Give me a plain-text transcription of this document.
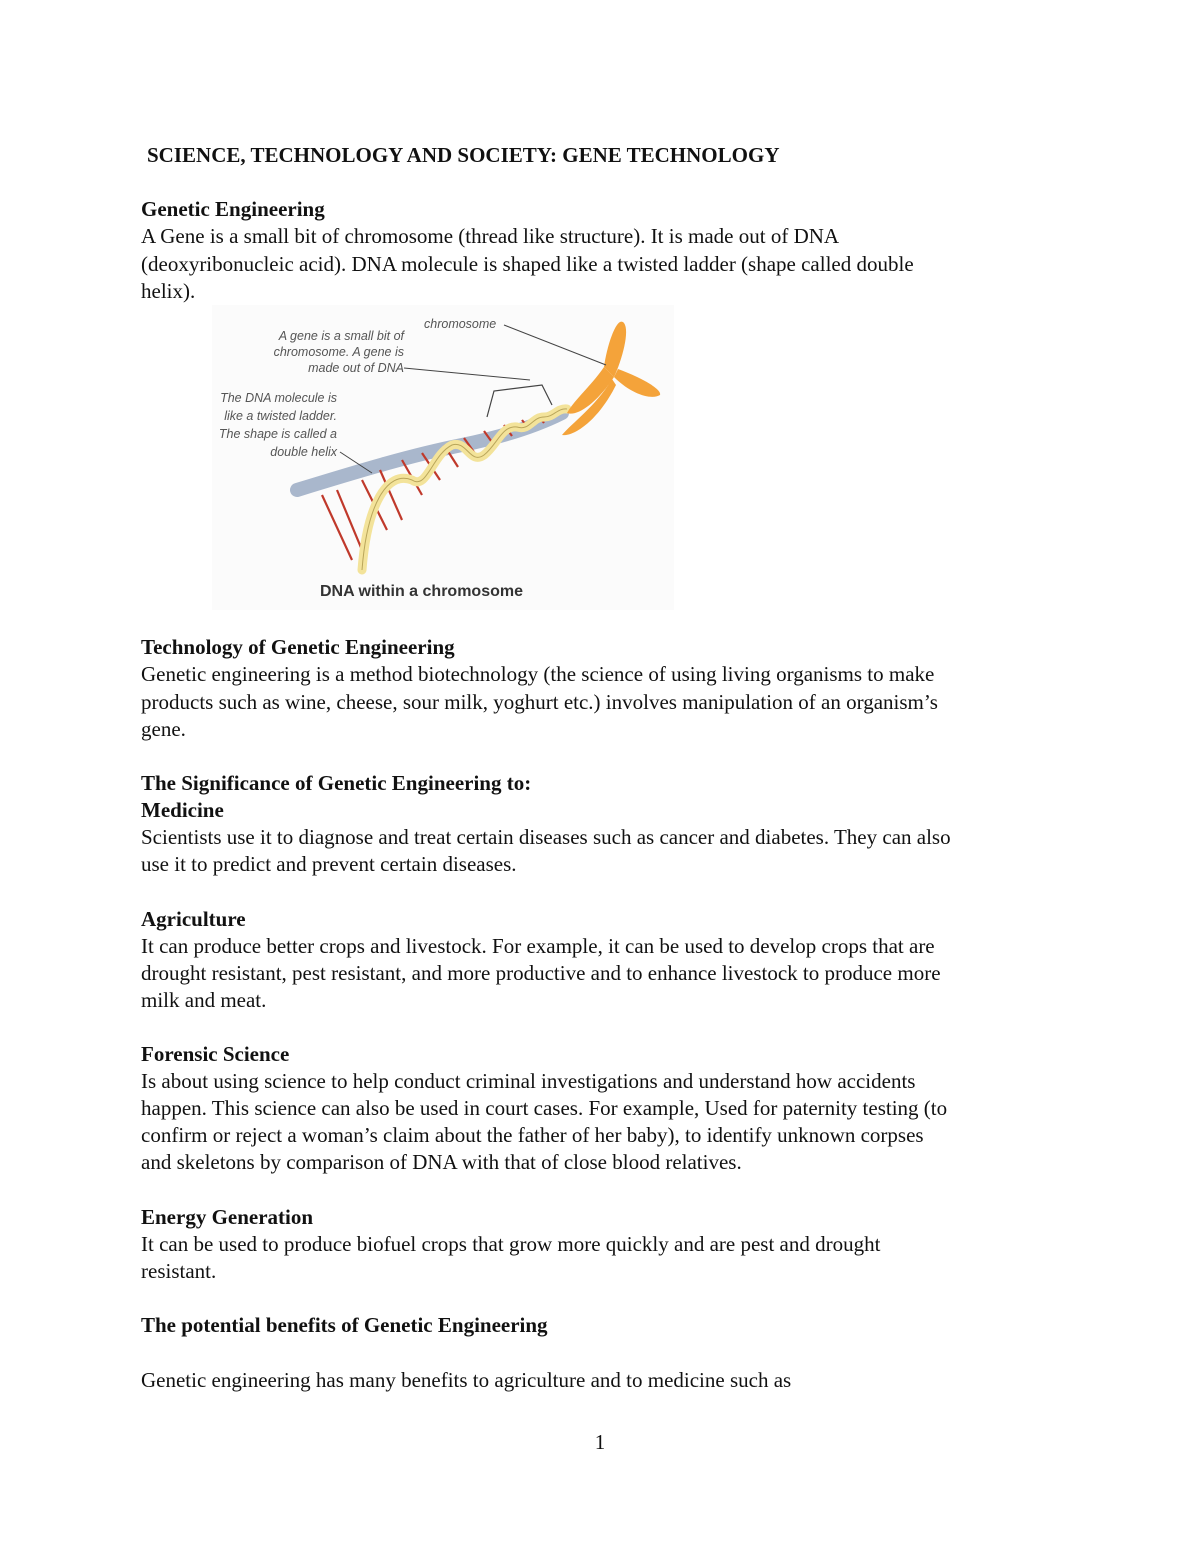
SCIENCE, TECHNOLOGY AND SOCIETY: GENE TECHNOLOGY
Genetic Engineering
A Gene is a small bit of chromosome (thread like structure). It is made out of DNA
(deoxyribonucleic acid). DNA molecule is shaped like a twisted ladder (shape called double
helix).
A gene is a small bit of
chromosome. A gene is
made out of DNA
The DNA molecule is
like a twisted ladder.
The shape is called a
double helix
chromosome
DNA within a chromosome
Technology of Genetic Engineering
Genetic engineering is a method biotechnology (the science of using living organisms to make
products such as wine, cheese, sour milk, yoghurt etc.) involves manipulation of an organism’s
gene.
The Significance of Genetic Engineering to:
Medicine
Scientists use it to diagnose and treat certain diseases such as cancer and diabetes. They can also
use it to predict and prevent certain diseases.
Agriculture
It can produce better crops and livestock. For example, it can be used to develop crops that are
drought resistant, pest resistant, and more productive and to enhance livestock to produce more
milk and meat.
Forensic Science
Is about using science to help conduct criminal investigations and understand how accidents
happen. This science can also be used in court cases. For example, Used for paternity testing (to
confirm or reject a woman’s claim about the father of her baby), to identify unknown corpses
and skeletons by comparison of DNA with that of close blood relatives.
Energy Generation
It can be used to produce biofuel crops that grow more quickly and are pest and drought
resistant.
The potential benefits of Genetic Engineering
Genetic engineering has many benefits to agriculture and to medicine such as
1
